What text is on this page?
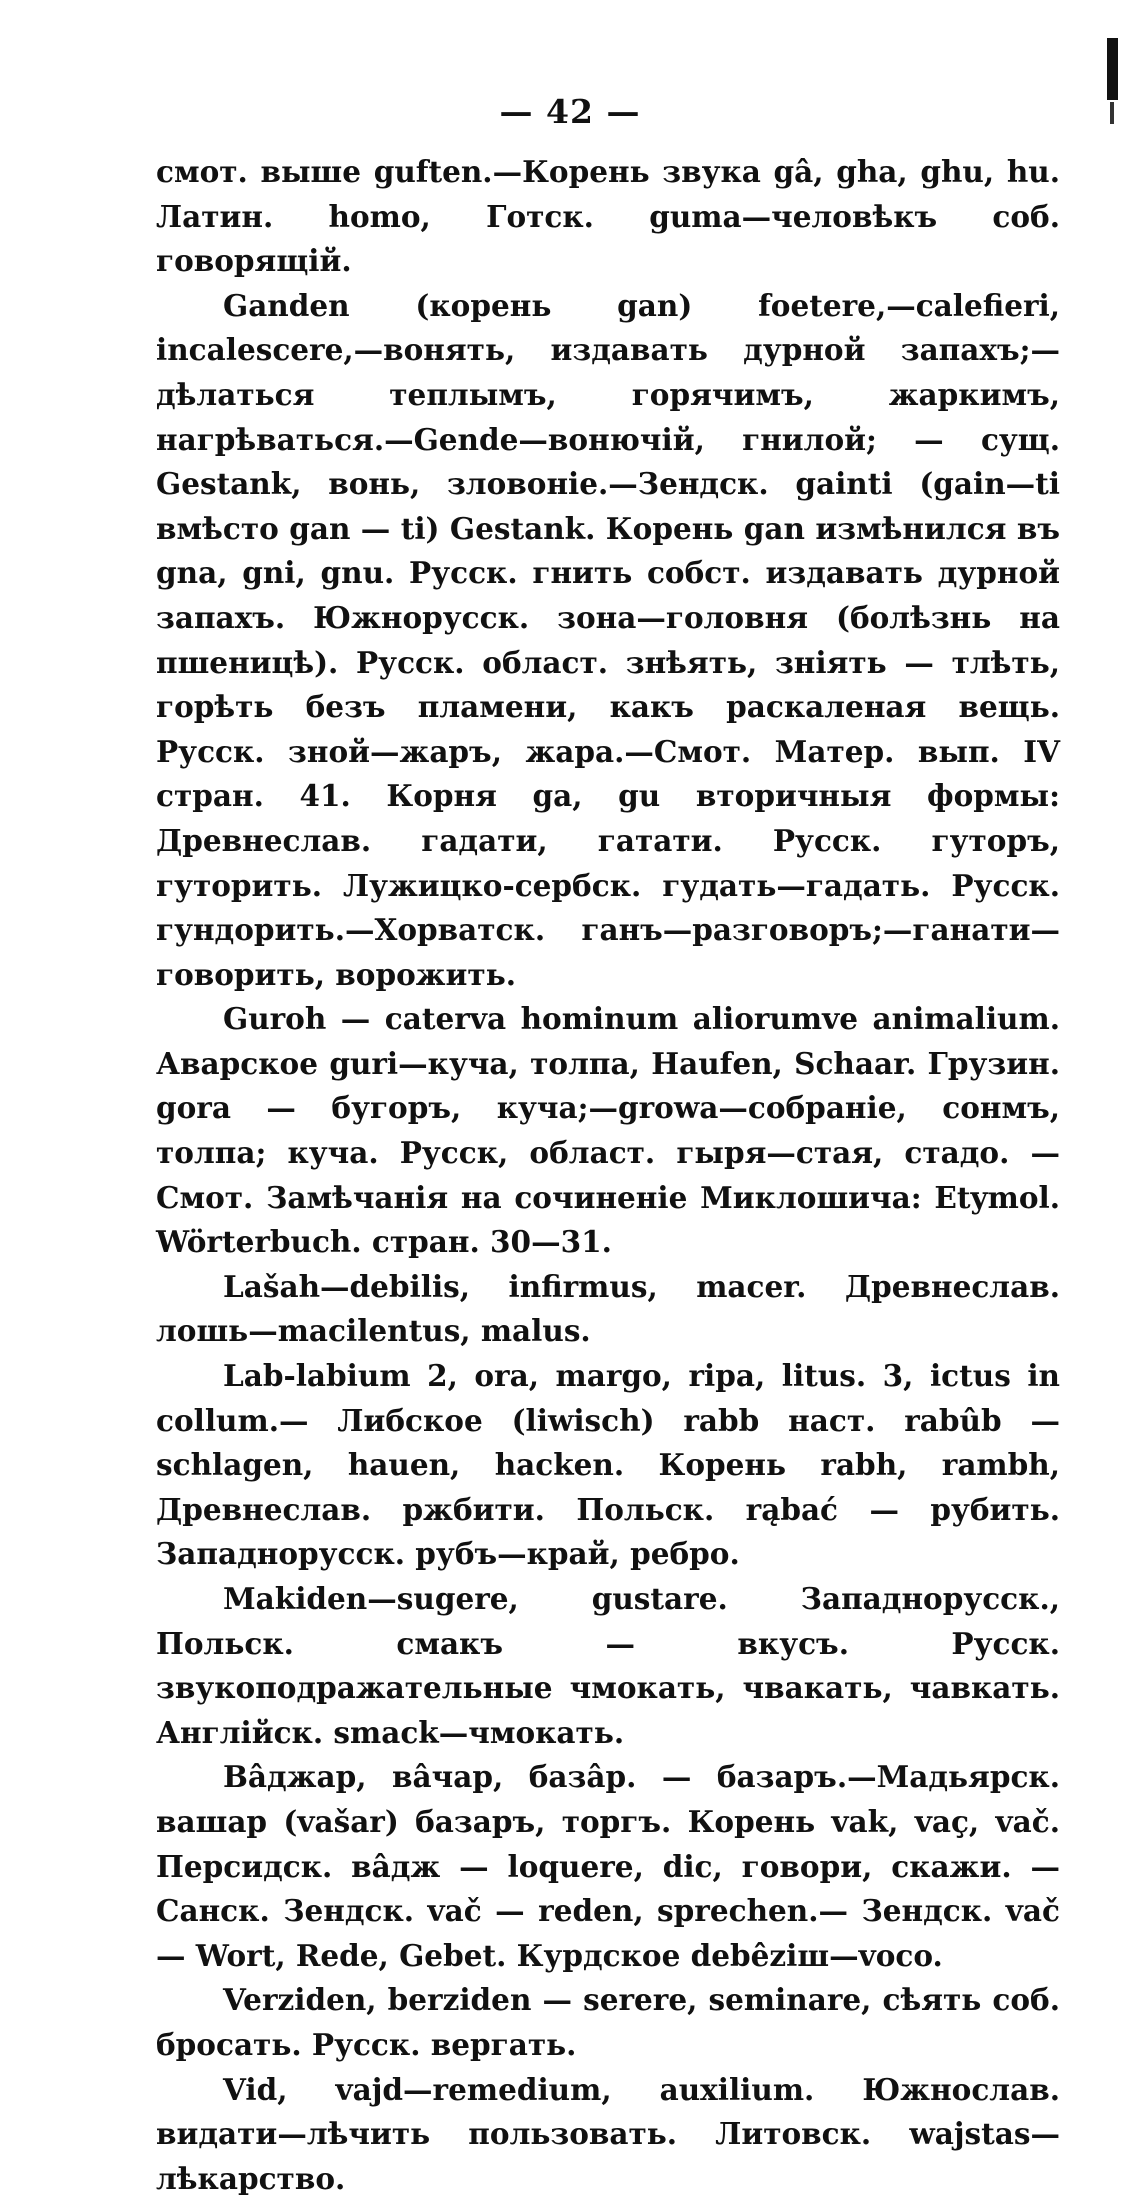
— 42 —

смот. выше guften.—Корень звука gâ, gha, ghu, hu. Латин. homo, Готск. guma—человѣкъ соб. говорящій.

Ganden (корень gan) foetere,—calefieri, incalescere,—вонять, издавать дурной запахъ;—дѣлаться теплымъ, горячимъ, жаркимъ, нагрѣваться.—Gende—вонючій, гнилой; — сущ. Gestank, вонь, зловоніе.—Зендск. gainti (gain—ti вмѣсто gan — ti) Gestank. Корень gan измѣнился въ gna, gni, gnu. Русск. гнить собст. издавать дурной запахъ. Южнорусск. зона—головня (болѣзнь на пшеницѣ). Русск. област. знѣять, зніять — тлѣть, горѣть безъ пламени, какъ раскаленая вещь. Русск. зной—жаръ, жара.—Смот. Матер. вып. IV стран. 41. Корня ga, gu вторичныя формы: Древнеслав. гадати, гатати. Русск. гуторъ, гуторить. Лужицко-сербск. гудать—гадать. Русск. гундорить.—Хорватск. ганъ—разговоръ;—ганати—говорить, ворожить.

Guroh — caterva hominum aliorumve animalium. Аварское guri—куча, толпа, Haufen, Schaar. Грузин. gora — бугоръ, куча;—growa—собраніе, сонмъ, толпа; куча. Русск, област. гыря—стая, стадо. — Смот. Замѣчанія на сочиненіе Миклошича: Etymol. Wörterbuch. стран. 30—31.

Lašah—debilis, infirmus, macer. Древнеслав. лошь—macilentus, malus.

Lab-labium 2, ora, margo, ripa, litus. 3, ictus in collum.— Либское (liwisch) rabb наст. rabûb — schlagen, hauen, hacken. Корень rabh, rambh, Древнеслав. ржбити. Польск. rąbać — рубить. Западнорусск. рубъ—край, ребро.

Makiden—sugere, gustare. Западнорусск., Польск. смакъ — вкусъ. Русск. звукоподражательные чмокать, чвакать, чавкать. Англійск. smack—чмокать.

Вâджар, вâчар, базâр. — базаръ.—Мадьярск. вашар (vašar) базаръ, торгъ. Корень vak, vaç, vač. Персидск. вâдж — loquere, dic, говори, скажи. — Санск. Зендск. vač — reden, sprechen.— Зендск. vač — Wort, Rede, Gebet. Курдское debêziш—voco.

Verziden, berziden — serere, seminare, сѣять соб. бросать. Русск. вергать.

Vid, vajd—remedium, auxilium. Южнослав. видати—лѣчить пользовать. Литовск. wajstas—лѣкарство.
